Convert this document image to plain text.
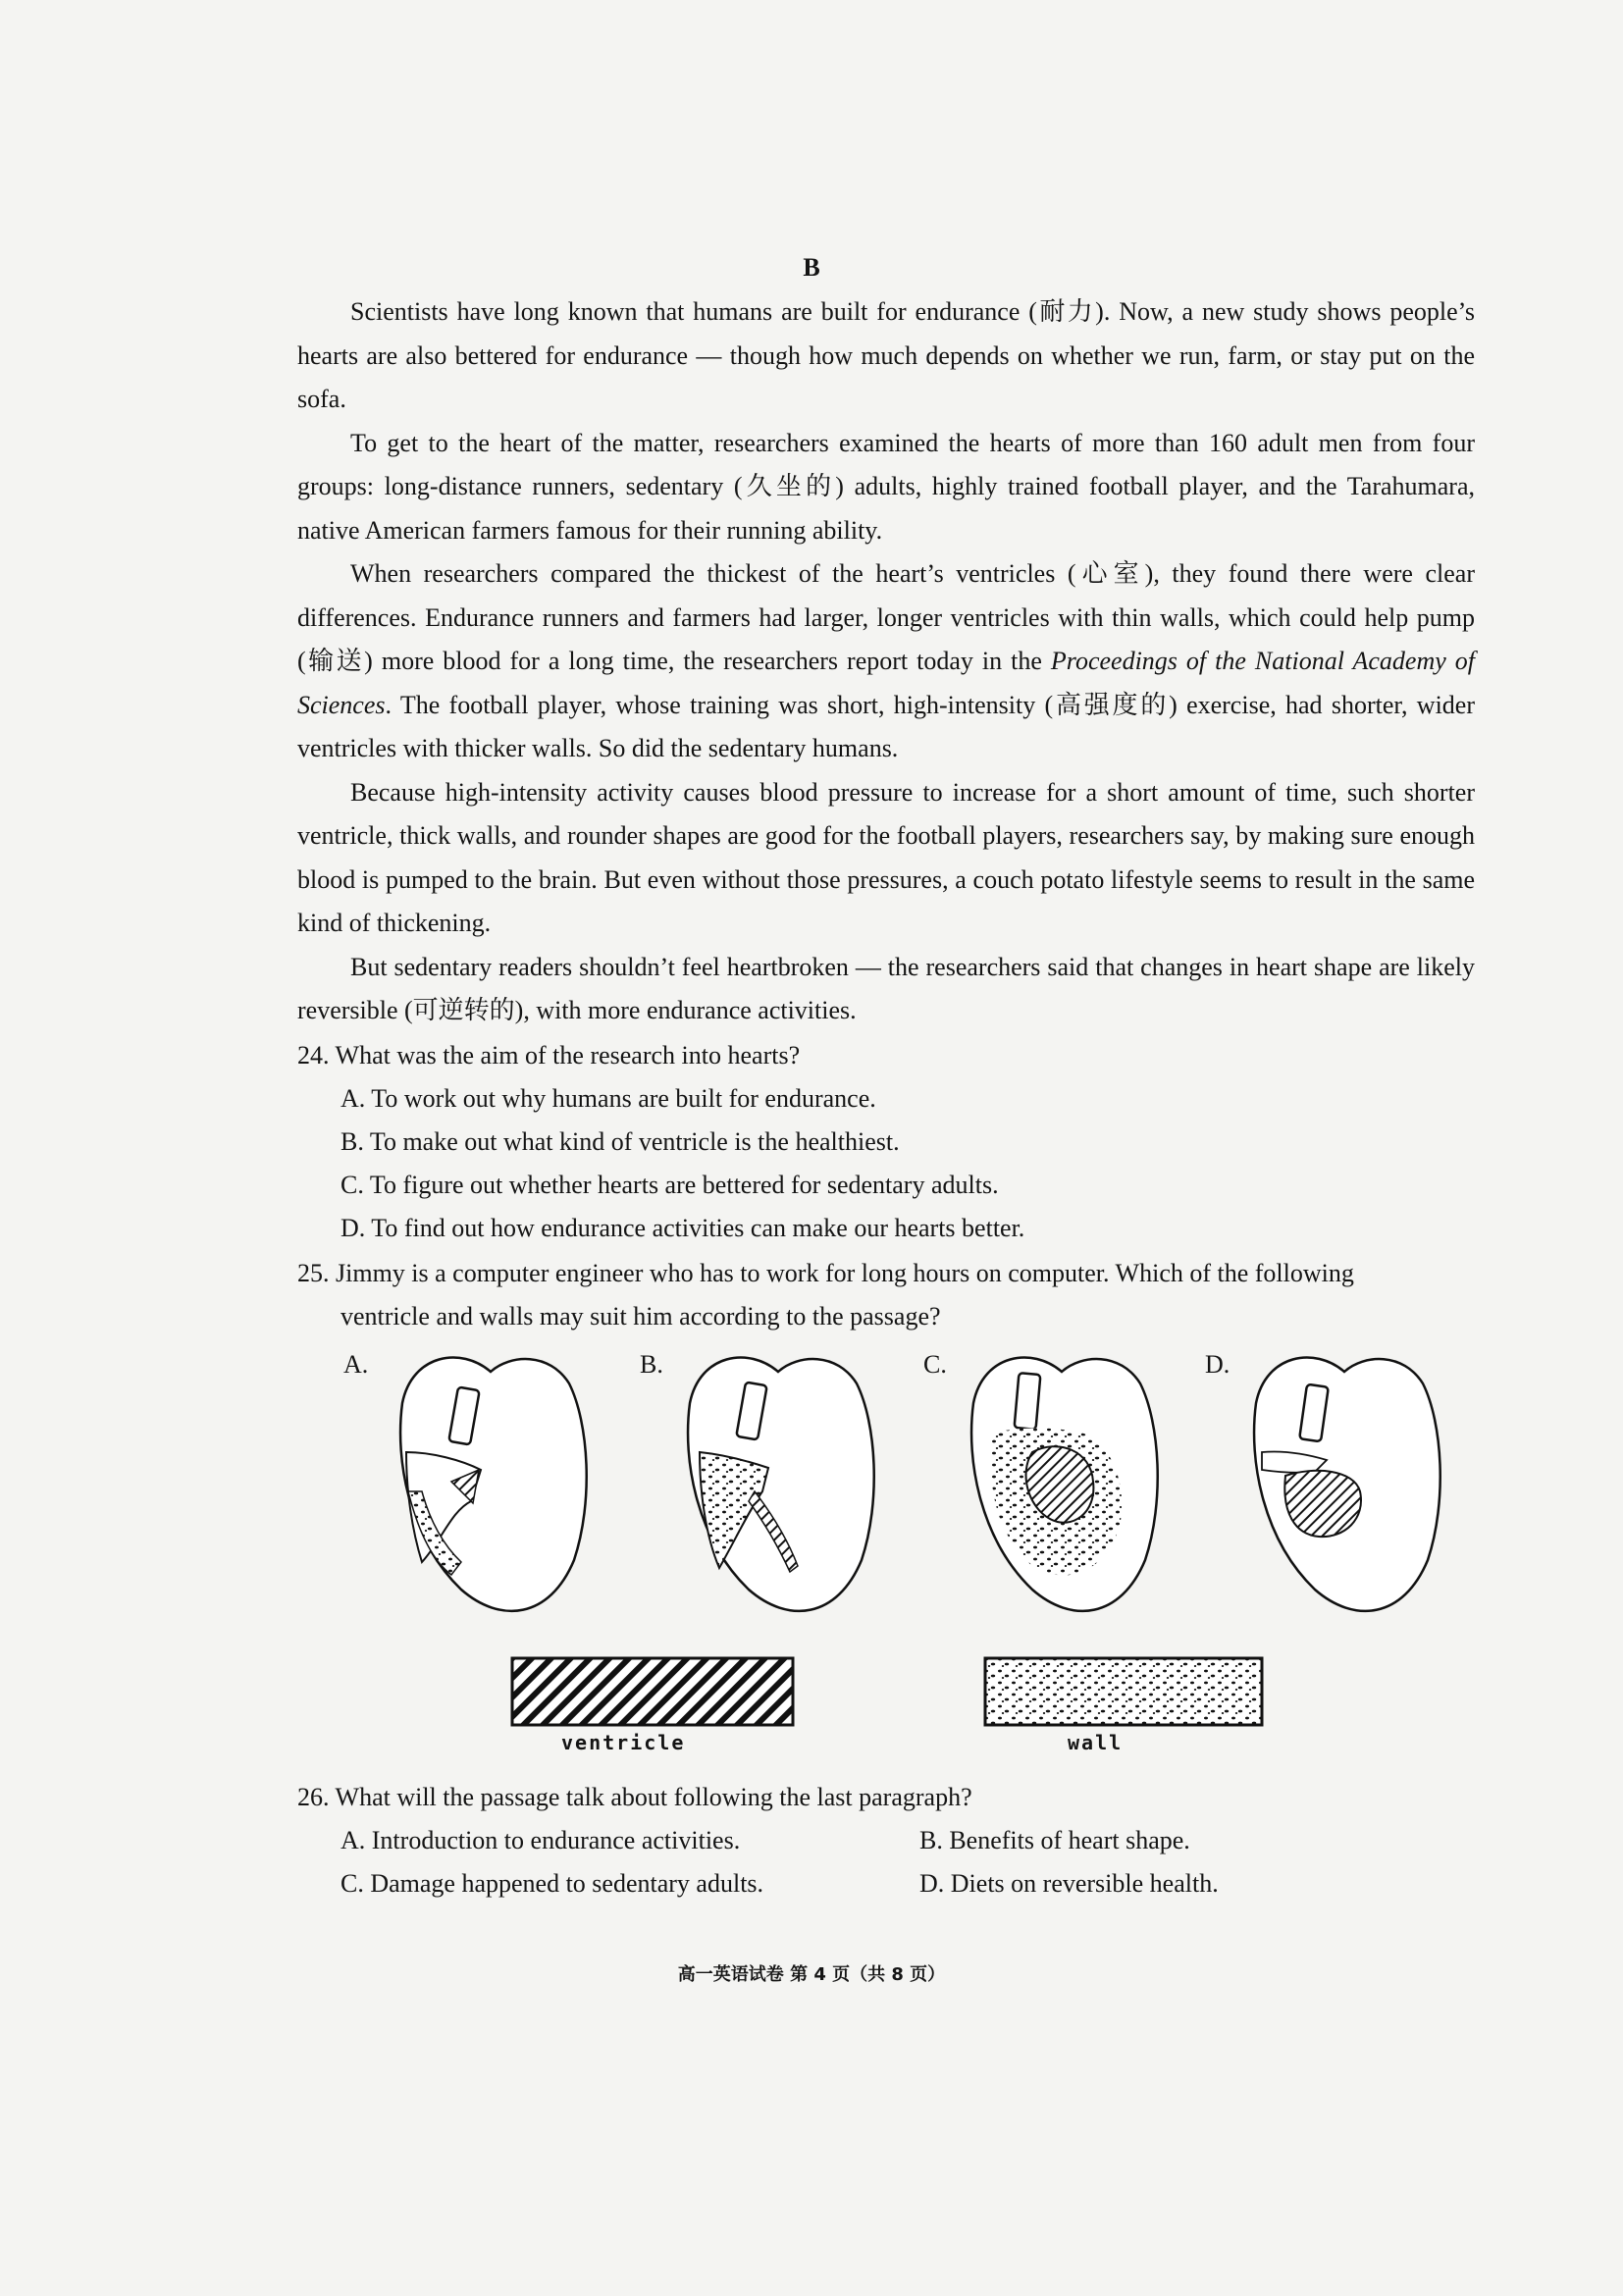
B

Scientists have long known that humans are built for endurance (耐力). Now, a new study shows people’s hearts are also bettered for endurance — though how much depends on whether we run, farm, or stay put on the sofa.

To get to the heart of the matter, researchers examined the hearts of more than 160 adult men from four groups: long-distance runners, sedentary (久坐的) adults, highly trained football player, and the Tarahumara, native American farmers famous for their running ability.

When researchers compared the thickest of the heart’s ventricles (心室), they found there were clear differences. Endurance runners and farmers had larger, longer ventricles with thin walls, which could help pump (输送) more blood for a long time, the researchers report today in the Proceedings of the National Academy of Sciences. The football player, whose training was short, high-intensity (高强度的) exercise, had shorter, wider ventricles with thicker walls. So did the sedentary humans.

Because high-intensity activity causes blood pressure to increase for a short amount of time, such shorter ventricle, thick walls, and rounder shapes are good for the football players, researchers say, by making sure enough blood is pumped to the brain. But even without those pressures, a couch potato lifestyle seems to result in the same kind of thickening.

But sedentary readers shouldn’t feel heartbroken — the researchers said that changes in heart shape are likely reversible (可逆转的), with more endurance activities.

24. What was the aim of the research into hearts?

A. To work out why humans are built for endurance.

B. To make out what kind of ventricle is the healthiest.

C. To figure out whether hearts are bettered for sedentary adults.

D. To find out how endurance activities can make our hearts better.

25. Jimmy is a computer engineer who has to work for long hours on computer. Which of the following

ventricle and walls may suit him according to the passage?

A.	B.	C.	D.
ventricle	wall

26. What will the passage talk about following the last paragraph?

A. Introduction to endurance activities.	B. Benefits of heart shape.
C. Damage happened to sedentary adults.	D. Diets on reversible health.
高一英语试卷 第 4 页（共 8 页）
